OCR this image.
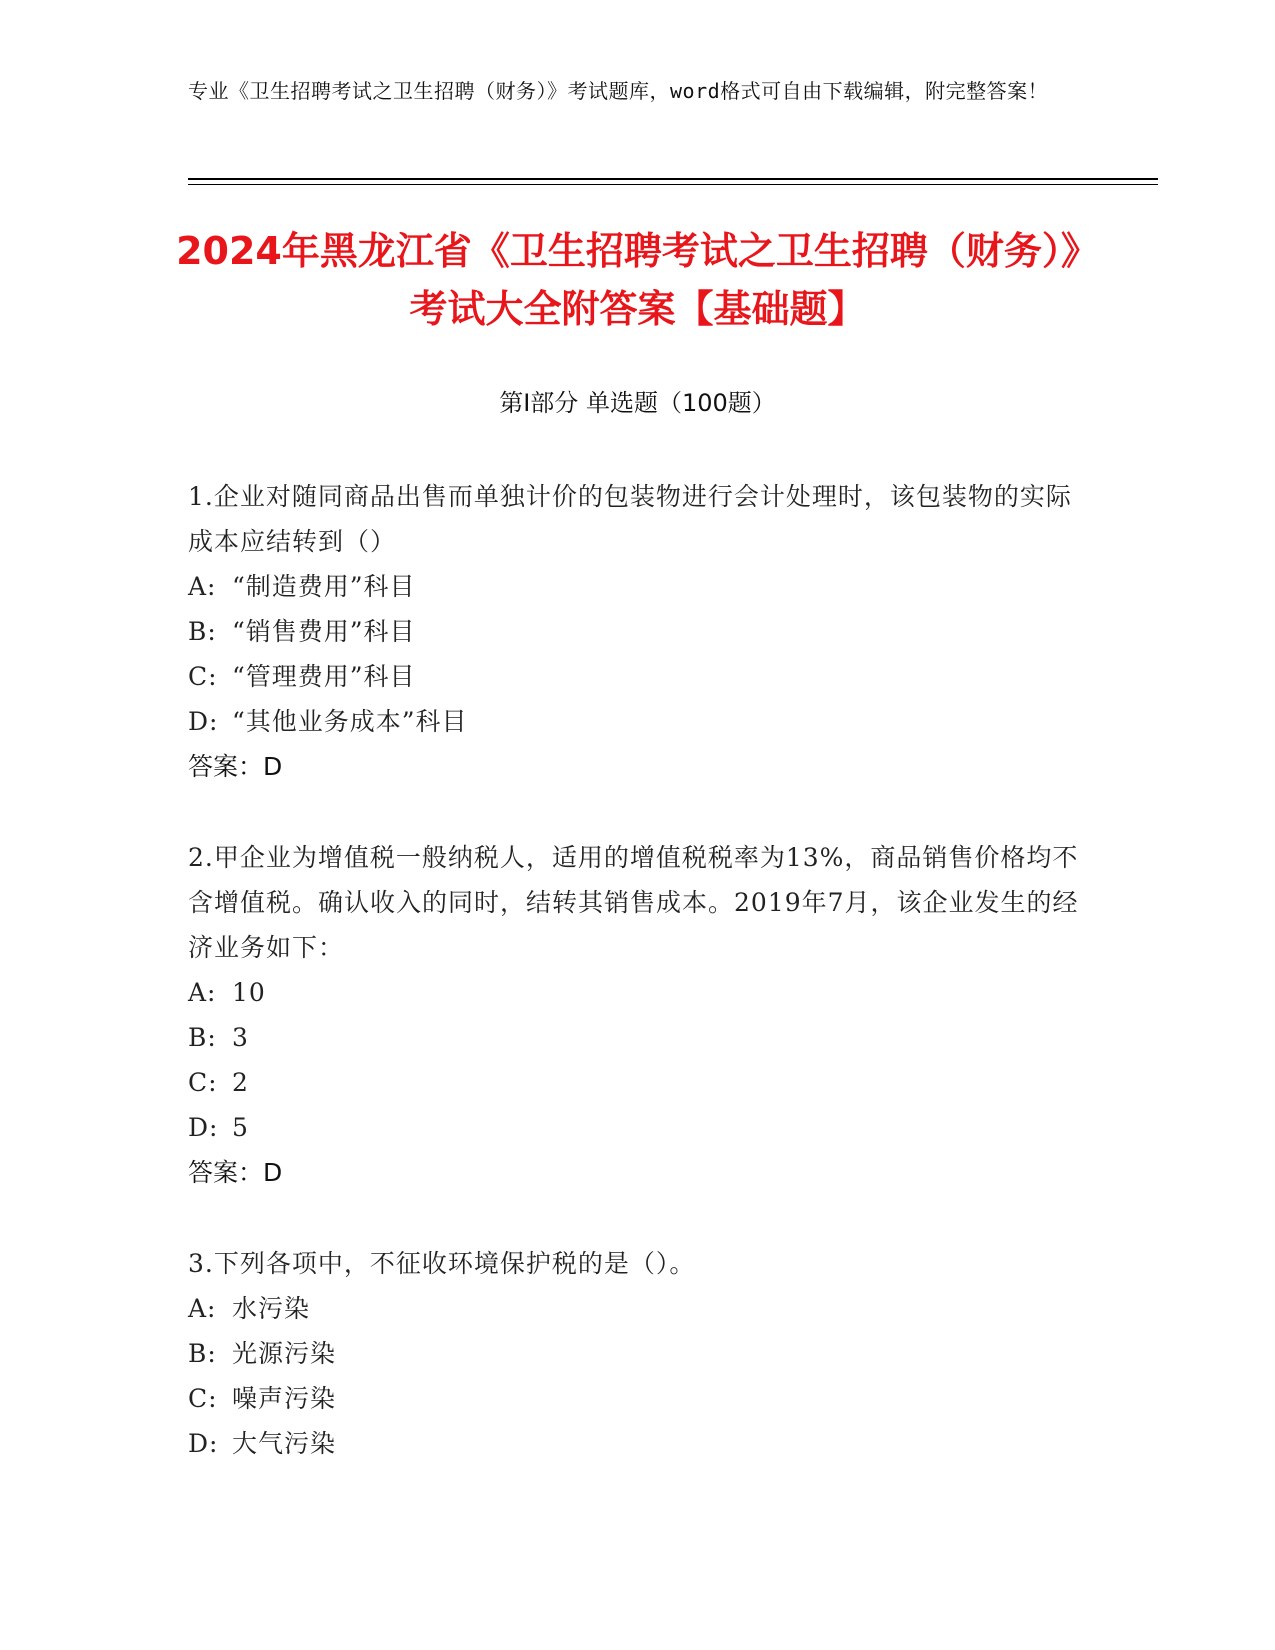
专业《卫生招聘考试之卫生招聘（财务）》考试题库，word格式可自由下载编辑，附完整答案！
2024年黑龙江省《卫生招聘考试之卫生招聘（财务）》考试大全附答案【基础题】
第Ⅰ部分 单选题（100题）

1.企业对随同商品出售而单独计价的包装物进行会计处理时，该包装物的实际成本应结转到（）

A: “制造费用”科目

B: “销售费用”科目

C: “管理费用”科目

D: “其他业务成本”科目

答案：D

2.甲企业为增值税一般纳税人，适用的增值税税率为13%，商品销售价格均不含增值税。确认收入的同时，结转其销售成本。2019年7月，该企业发生的经济业务如下：

A: 10

B: 3

C: 2

D: 5

答案：D

3.下列各项中，不征收环境保护税的是（）。

A: 水污染

B: 光源污染

C: 噪声污染

D: 大气污染
